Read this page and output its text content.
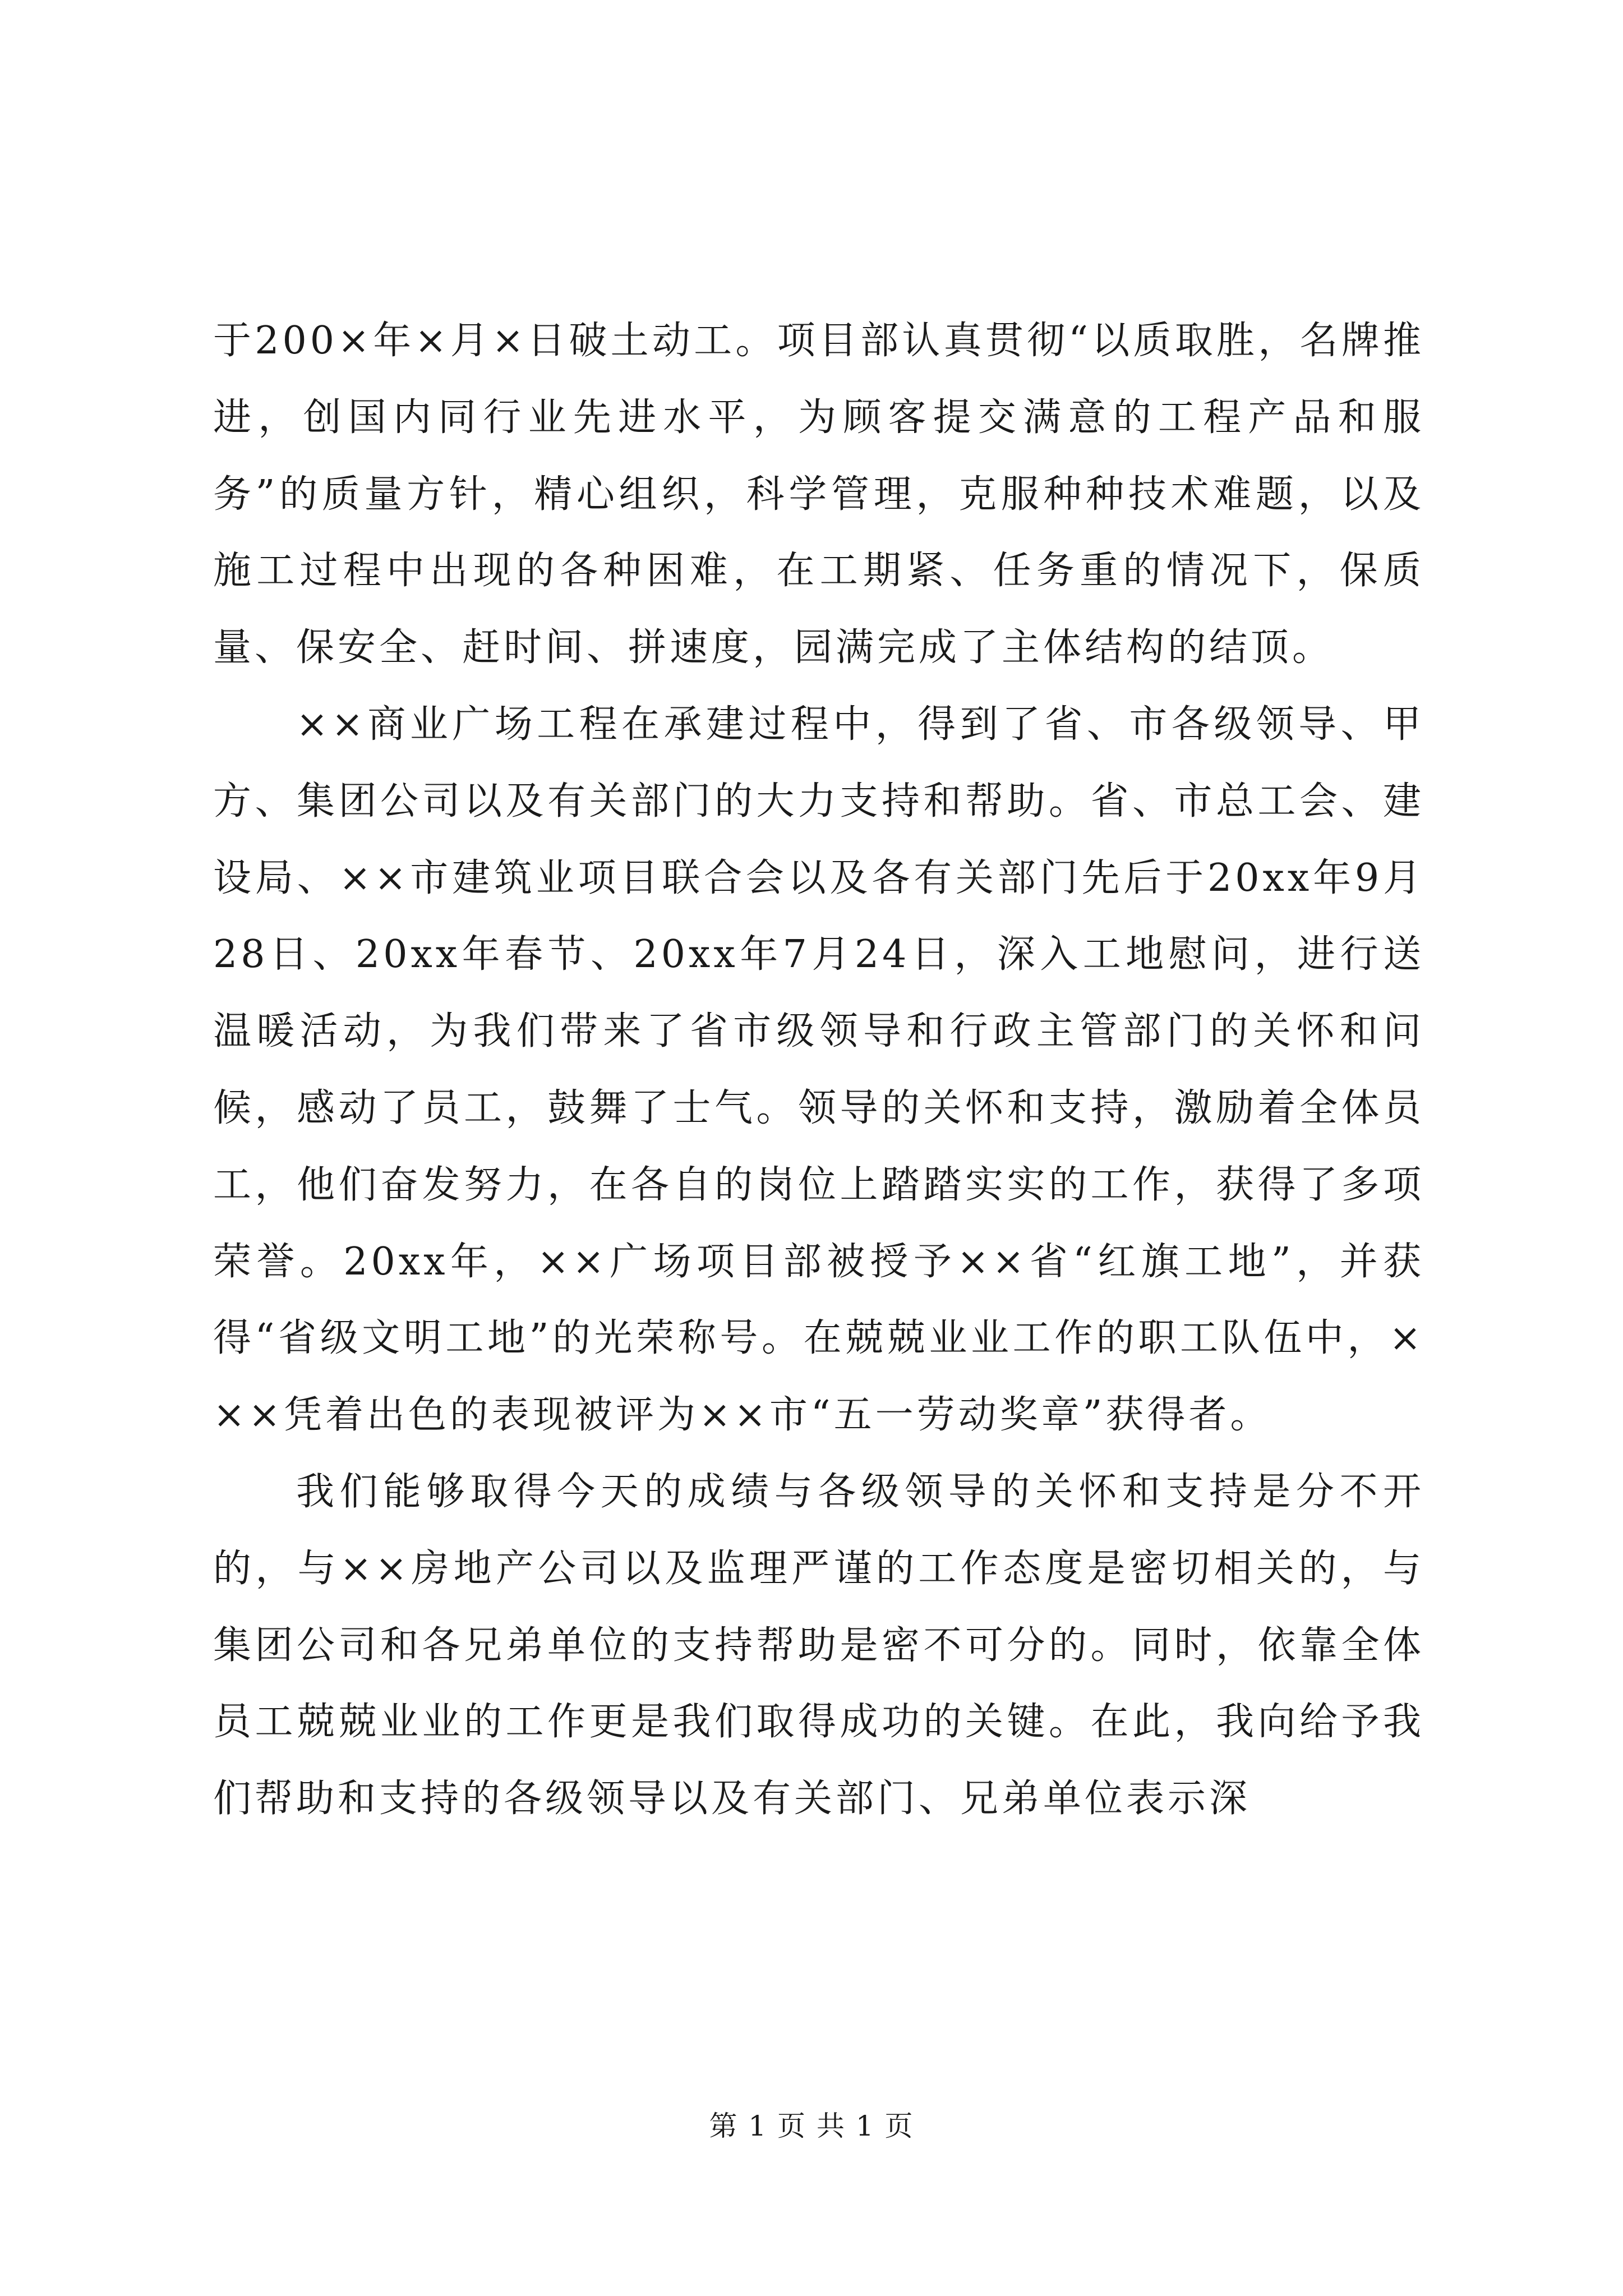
于200×年×月×日破土动工。项目部认真贯彻“以质取胜，名牌推进，创国内同行业先进水平，为顾客提交满意的工程产品和服务”的质量方针，精心组织，科学管理，克服种种技术难题，以及施工过程中出现的各种困难，在工期紧、任务重的情况下，保质量、保安全、赶时间、拼速度，园满完成了主体结构的结顶。

××商业广场工程在承建过程中，得到了省、市各级领导、甲方、集团公司以及有关部门的大力支持和帮助。省、市总工会、建设局、××市建筑业项目联合会以及各有关部门先后于20xx年9月28日、20xx年春节、20xx年7月24日，深入工地慰问，进行送温暖活动，为我们带来了省市级领导和行政主管部门的关怀和问候，感动了员工，鼓舞了士气。领导的关怀和支持，激励着全体员工，他们奋发努力，在各自的岗位上踏踏实实的工作，获得了多项荣誉。20xx年，××广场项目部被授予××省“红旗工地”，并获得“省级文明工地”的光荣称号。在兢兢业业工作的职工队伍中，×××凭着出色的表现被评为××市“五一劳动奖章”获得者。

我们能够取得今天的成绩与各级领导的关怀和支持是分不开的，与××房地产公司以及监理严谨的工作态度是密切相关的，与集团公司和各兄弟单位的支持帮助是密不可分的。同时，依靠全体员工兢兢业业的工作更是我们取得成功的关键。在此，我向给予我们帮助和支持的各级领导以及有关部门、兄弟单位表示深

第 1 页 共 1 页
